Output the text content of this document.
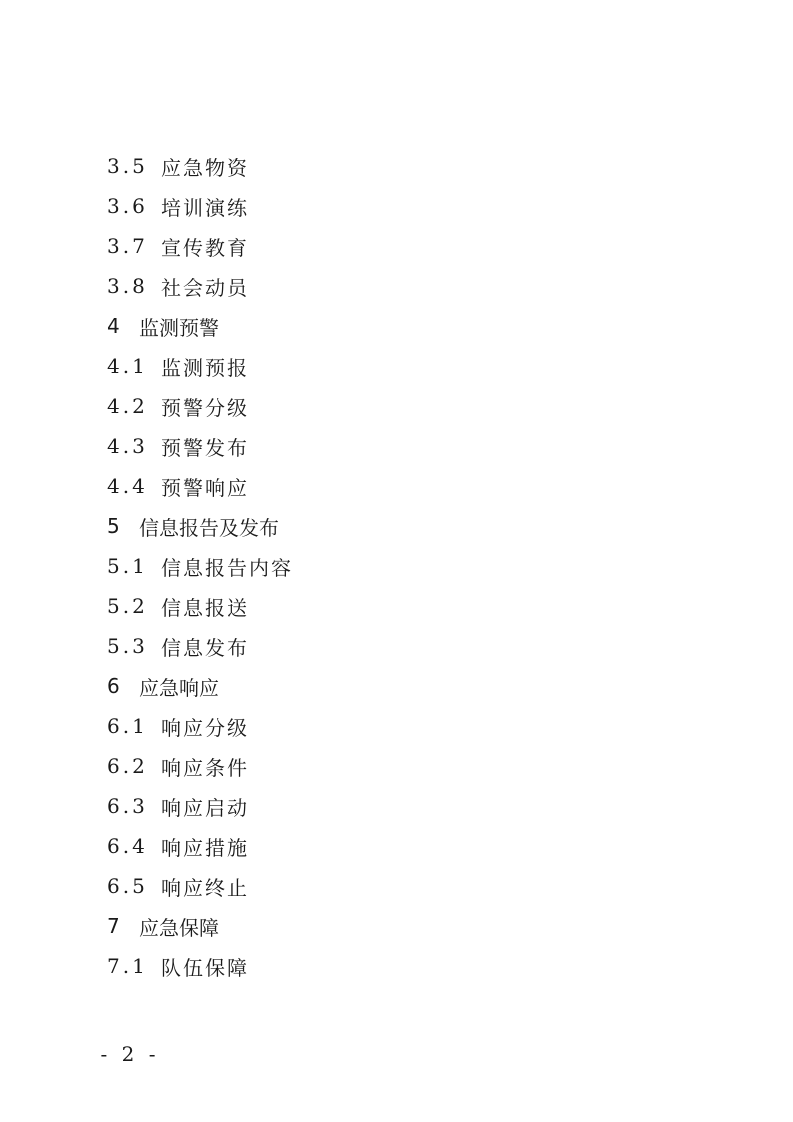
3.5 应急物资
3.6 培训演练
3.7 宣传教育
3.8 社会动员
4 监测预警
4.1 监测预报
4.2 预警分级
4.3 预警发布
4.4 预警响应
5 信息报告及发布
5.1 信息报告内容
5.2 信息报送
5.3 信息发布
6 应急响应
6.1 响应分级
6.2 响应条件
6.3 响应启动
6.4 响应措施
6.5 响应终止
7 应急保障
7.1 队伍保障
- 2 -
